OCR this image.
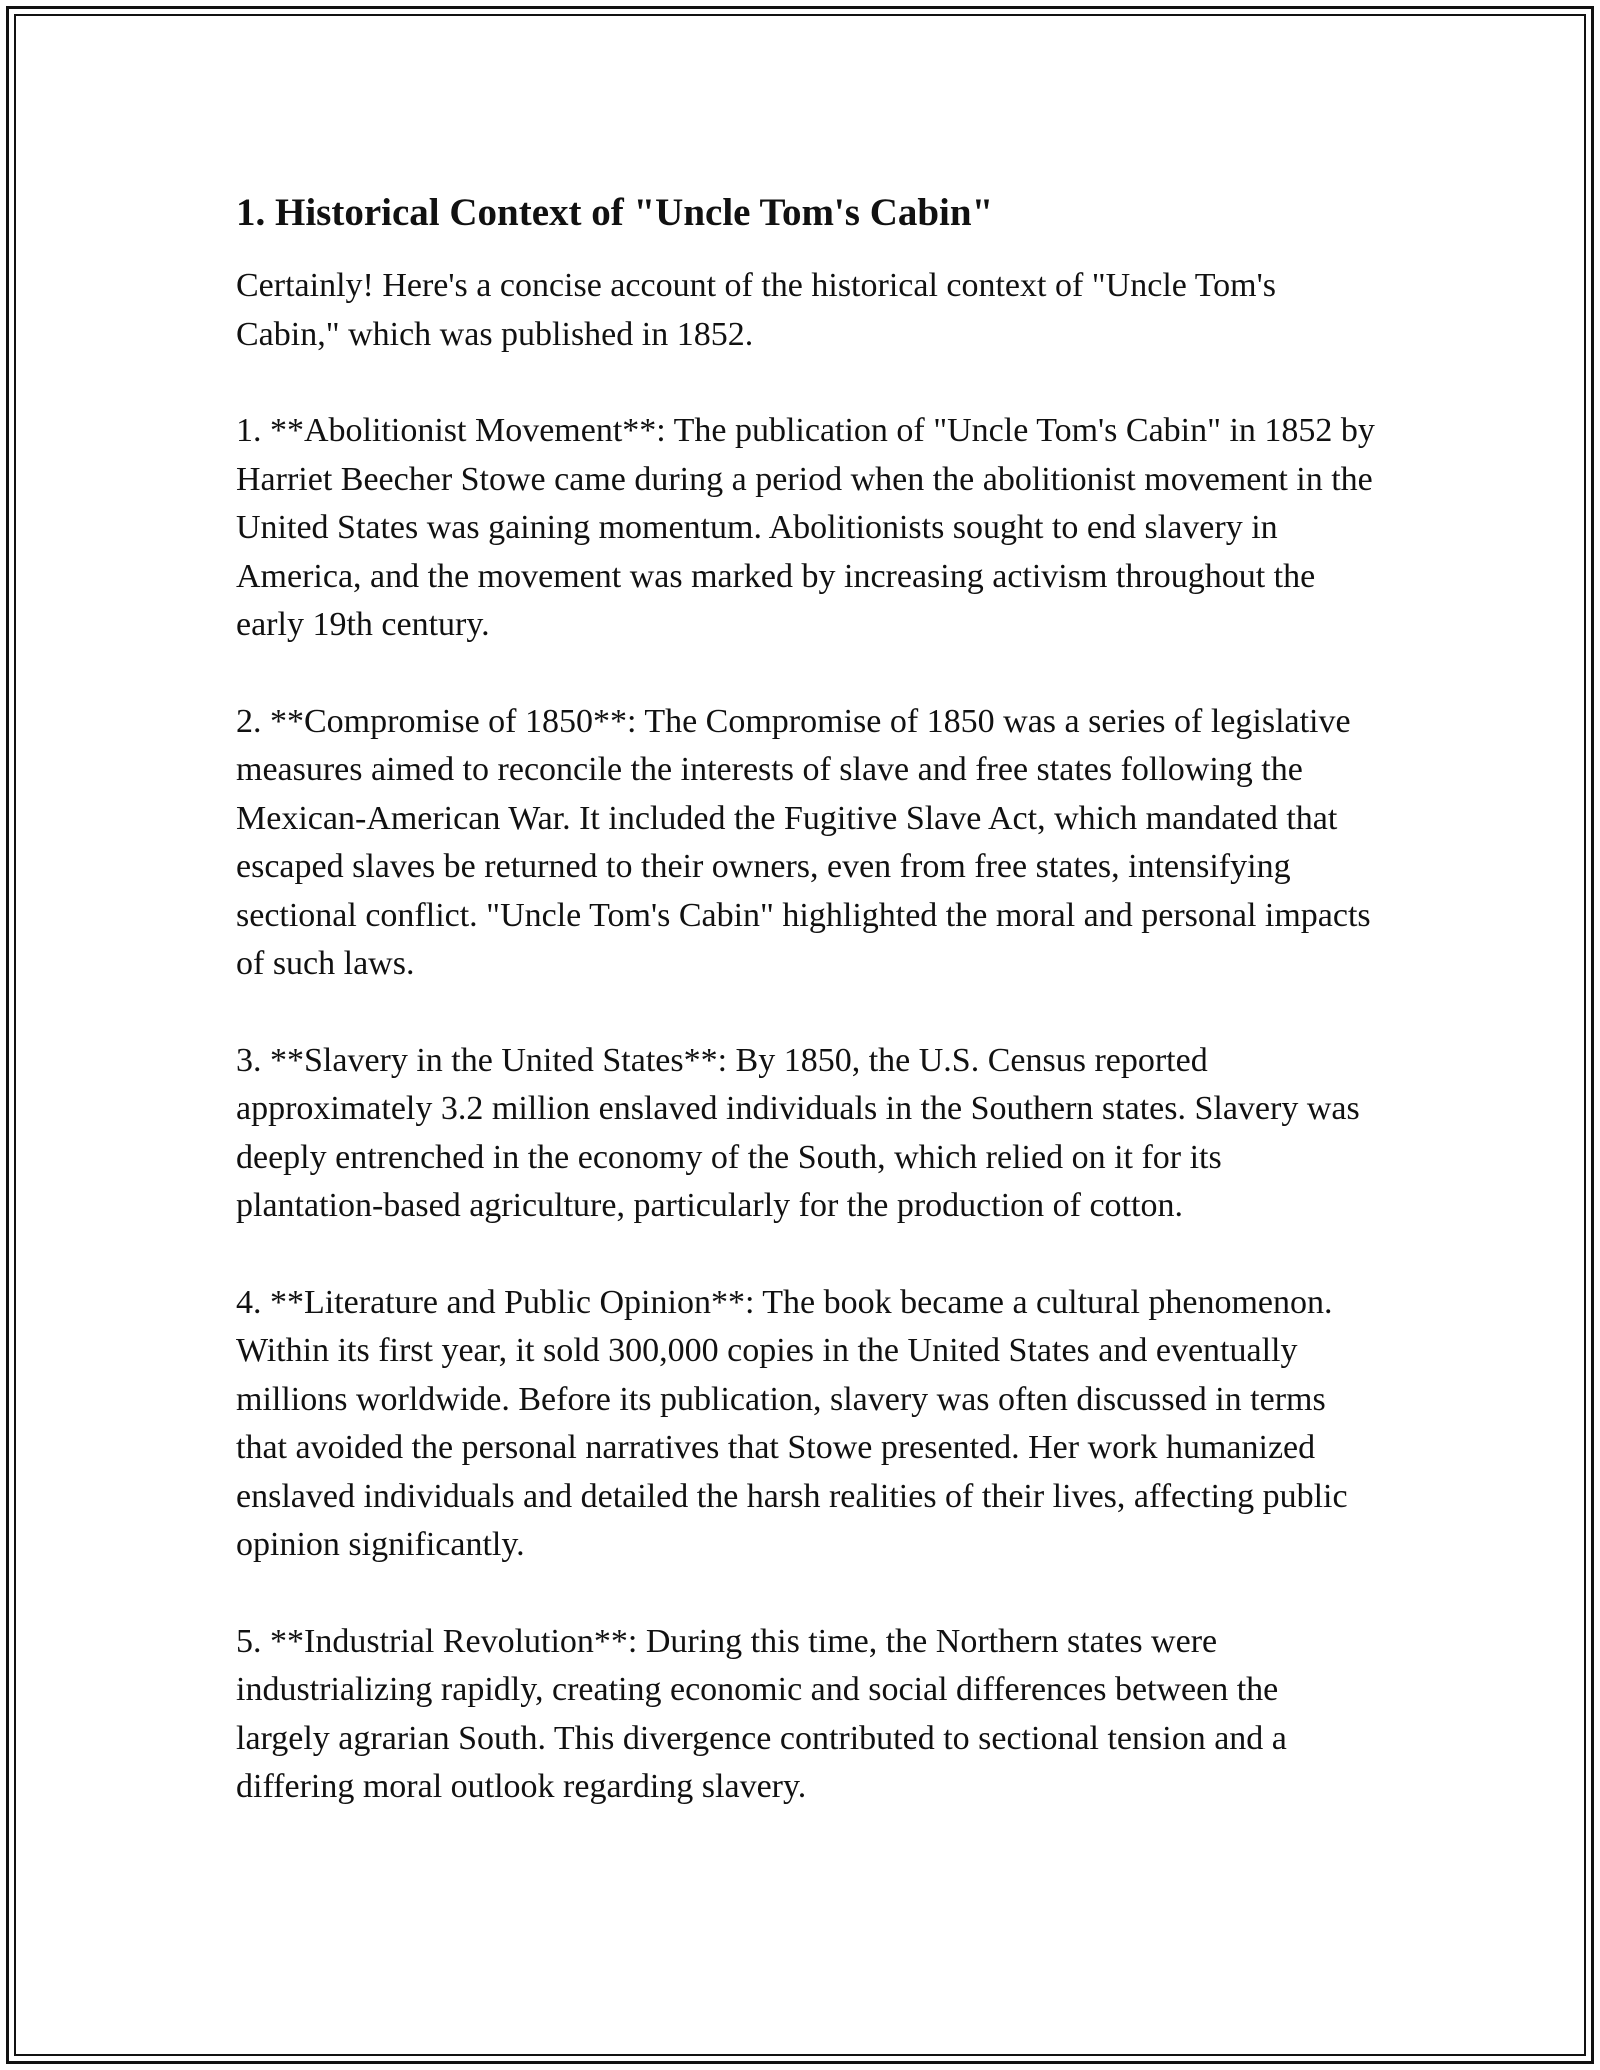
1. Historical Context of "Uncle Tom's Cabin"

Certainly! Here's a concise account of the historical context of "Uncle Tom's Cabin," which was published in 1852.

1. **Abolitionist Movement**: The publication of "Uncle Tom's Cabin" in 1852 by Harriet Beecher Stowe came during a period when the abolitionist movement in the United States was gaining momentum. Abolitionists sought to end slavery in America, and the movement was marked by increasing activism throughout the early 19th century.

2. **Compromise of 1850**: The Compromise of 1850 was a series of legislative measures aimed to reconcile the interests of slave and free states following the Mexican-American War. It included the Fugitive Slave Act, which mandated that escaped slaves be returned to their owners, even from free states, intensifying sectional conflict. "Uncle Tom's Cabin" highlighted the moral and personal impacts of such laws.

3. **Slavery in the United States**: By 1850, the U.S. Census reported approximately 3.2 million enslaved individuals in the Southern states. Slavery was deeply entrenched in the economy of the South, which relied on it for its plantation-based agriculture, particularly for the production of cotton.

4. **Literature and Public Opinion**: The book became a cultural phenomenon. Within its first year, it sold 300,000 copies in the United States and eventually millions worldwide. Before its publication, slavery was often discussed in terms that avoided the personal narratives that Stowe presented. Her work humanized enslaved individuals and detailed the harsh realities of their lives, affecting public opinion significantly.

5. **Industrial Revolution**: During this time, the Northern states were industrializing rapidly, creating economic and social differences between the largely agrarian South. This divergence contributed to sectional tension and a differing moral outlook regarding slavery.
